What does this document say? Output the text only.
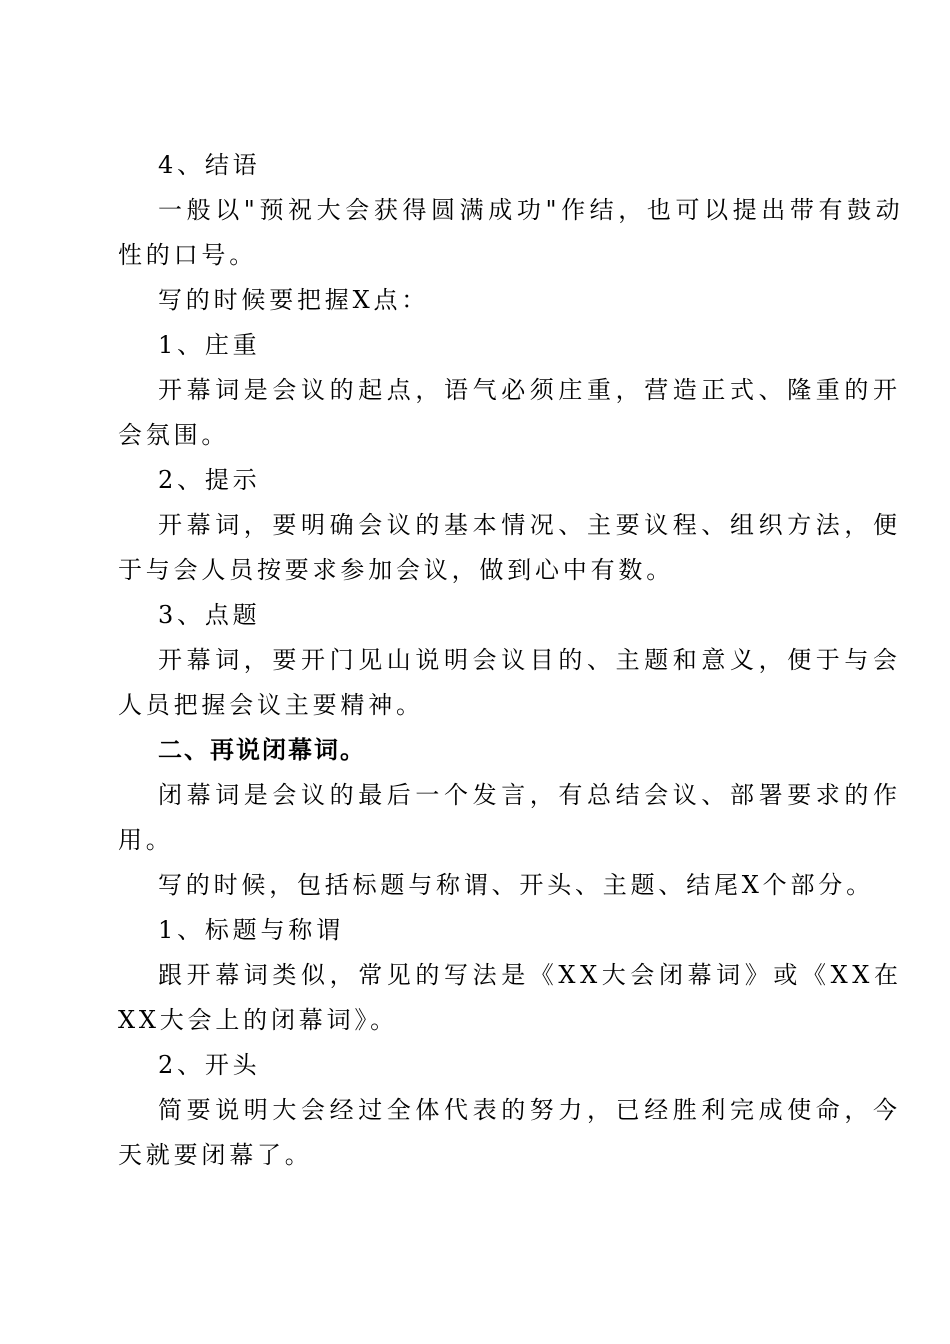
4、结语
一般以"预祝大会获得圆满成功"作结，也可以提出带有鼓动
性的口号。
写的时候要把握X点：
1、庄重
开幕词是会议的起点，语气必须庄重，营造正式、隆重的开
会氛围。
2、提示
开幕词，要明确会议的基本情况、主要议程、组织方法，便
于与会人员按要求参加会议，做到心中有数。
3、点题
开幕词，要开门见山说明会议目的、主题和意义，便于与会
人员把握会议主要精神。
二、再说闭幕词。
闭幕词是会议的最后一个发言，有总结会议、部署要求的作
用。
写的时候，包括标题与称谓、开头、主题、结尾X个部分。
1、标题与称谓
跟开幕词类似，常见的写法是《XX大会闭幕词》或《XX在
XX大会上的闭幕词》。
2、开头
简要说明大会经过全体代表的努力，已经胜利完成使命，今
天就要闭幕了。
